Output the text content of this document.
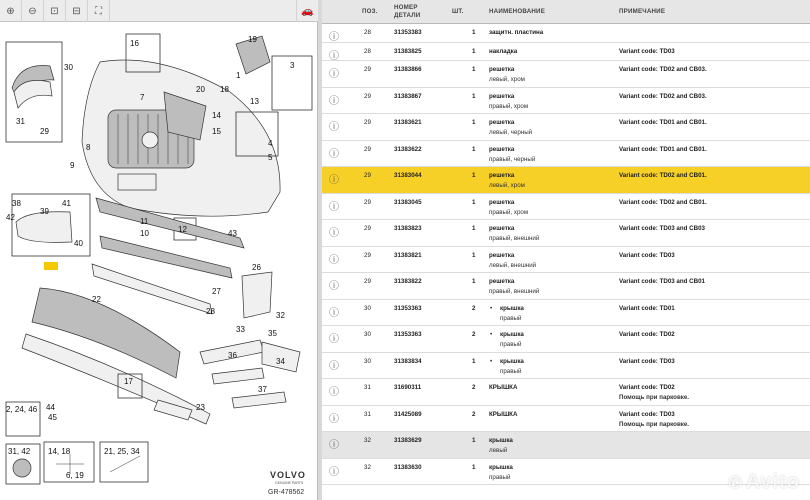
⊕	⊖	⊡	⊟	⛶	🚗
30
31
29
16	19
1
3
7
20 18
13
14
15
8
9
11
10	12
4
5
43
38
39
41
42
40
26
27
22
28
33
32
35
34
36
17
23
37
44
2, 24, 46
45
14, 18
6, 19
21, 25, 34
31, 42
VOLVO
GENUINE PARTS
GR-478562
ПОЗ.
НОМЕР ДЕТАЛИ
ШТ.	НАИМЕНОВАНИЕ	ПРИМЕЧАНИЕ
ⓘ	28	31353383	1 защитн. пластина
ⓘ	28	31383825	1 накладка	Variant code: TD03
ⓘ	29	31383866	1 решетка	Variant code: TD02 and CB03.
левый, хром
ⓘ	29	31383867	1 решетка	Variant code: TD02 and CB03.
правый, хром
ⓘ	29	31383621	1 решетка	Variant code: TD01 and CB01.
левый, черный
ⓘ	29	31383622	1 решетка	Variant code: TD01 and CB01.
правый, черный
ⓘ	29	31383044	1 решетка	Variant code: TD02 and CB01.
левый, хром
ⓘ	29	31383045	1 решетка	Variant code: TD02 and CB01.
правый, хром
ⓘ	29	31383823	1 решетка	Variant code: TD03 and CB03
правый, внешний
ⓘ	29	31383821	1 решетка	Variant code: TD03
левый, внешний
ⓘ	29	31383822	1 решетка	Variant code: TD03 and CB01
правый, внешний
ⓘ	30	31353363	2	крышка	Variant code: TD01
•
правый
ⓘ	30	31353363	2	крышка	Variant code: TD02
•
правый
ⓘ	30	31383834	1	крышка	Variant code: TD03
•
правый
ⓘ	31	31690311	2 КРЫШКА	Variant code: TD02
Помощь при парковке.
ⓘ	31	31425089	2 КРЫШКА	Variant code: TD03
Помощь при парковке.
ⓘ	32	31383629	1 крышка
левый
ⓘ	32	31383630	1 крышка
правый	✆ Avito
